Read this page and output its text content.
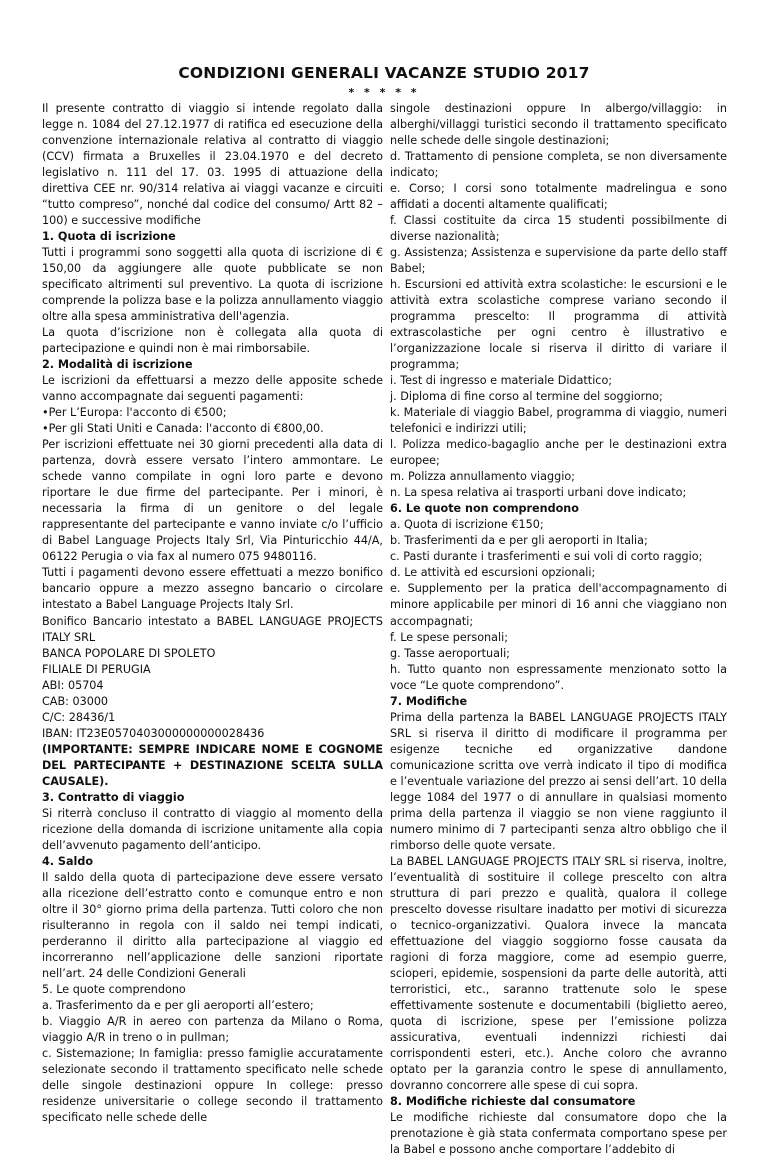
CONDIZIONI GENERALI VACANZE STUDIO 2017
* * * * *

Il presente contratto di viaggio si intende regolato dalla legge n. 1084 del 27.12.1977 di ratifica ed esecuzione della convenzione internazionale relativa al contratto di viaggio (CCV) firmata a Bruxelles il 23.04.1970 e del decreto legislativo n. 111 del 17. 03. 1995 di attuazione della direttiva CEE nr. 90/314 relativa ai viaggi vacanze e circuiti “tutto compreso”, nonché dal codice del consumo/ Artt 82 – 100) e successive modifiche

1. Quota di iscrizione

Tutti i programmi sono soggetti alla quota di iscrizione di € 150,00 da aggiungere alle quote pubblicate se non specificato altrimenti sul preventivo. La quota di iscrizione comprende la polizza base e la polizza annullamento viaggio oltre alla spesa amministrativa dell'agenzia.

La quota d’iscrizione non è collegata alla quota di partecipazione e quindi non è mai rimborsabile.

2. Modalità di iscrizione

Le iscrizioni da effettuarsi a mezzo delle apposite schede vanno accompagnate dai seguenti pagamenti:

•Per L’Europa: l'acconto di €500;

•Per gli Stati Uniti e Canada: l'acconto di €800,00.

Per iscrizioni effettuate nei 30 giorni precedenti alla data di partenza, dovrà essere versato l’intero ammontare. Le schede vanno compilate in ogni loro parte e devono riportare le due firme del partecipante. Per i minori, è necessaria la firma di un genitore o del legale rappresentante del partecipante e vanno inviate c/o l’ufficio di Babel Language Projects Italy Srl, Via Pinturicchio 44/A, 06122 Perugia o via fax al numero 075 9480116.

Tutti i pagamenti devono essere effettuati a mezzo bonifico bancario oppure a mezzo assegno bancario o circolare intestato a Babel Language Projects Italy Srl.

Bonifico Bancario intestato a BABEL LANGUAGE PROJECTS ITALY SRL

BANCA POPOLARE DI SPOLETO

FILIALE DI PERUGIA

ABI: 05704

CAB: 03000

C/C: 28436/1

IBAN: IT23E0570403000000000028436

(IMPORTANTE: SEMPRE INDICARE NOME E COGNOME DEL PARTECIPANTE + DESTINAZIONE SCELTA SULLA CAUSALE).

3. Contratto di viaggio

Si riterrà concluso il contratto di viaggio al momento della ricezione della domanda di iscrizione unitamente alla copia dell’avvenuto pagamento dell’anticipo.

4. Saldo

Il saldo della quota di partecipazione deve essere versato alla ricezione dell’estratto conto e comunque entro e non oltre il 30° giorno prima della partenza. Tutti coloro che non risulteranno in regola con il saldo nei tempi indicati, perderanno il diritto alla partecipazione al viaggio ed incorreranno nell’applicazione delle sanzioni riportate nell’art. 24 delle Condizioni Generali

5. Le quote comprendono

a. Trasferimento da e per gli aeroporti all’estero;

b. Viaggio A/R in aereo con partenza da Milano o Roma, viaggio A/R in treno o in pullman;

c. Sistemazione; In famiglia: presso famiglie accuratamente selezionate secondo il trattamento specificato nelle schede delle singole destinazioni oppure In college: presso residenze universitarie o college secondo il trattamento specificato nelle schede delle

singole destinazioni oppure In albergo/villaggio: in alberghi/villaggi turistici secondo il trattamento specificato nelle schede delle singole destinazioni;

d. Trattamento di pensione completa, se non diversamente indicato;

e. Corso; I corsi sono totalmente madrelingua e sono affidati a docenti altamente qualificati;

f. Classi costituite da circa 15 studenti possibilmente di diverse nazionalità;

g. Assistenza; Assistenza e supervisione da parte dello staff Babel;

h. Escursioni ed attività extra scolastiche: le escursioni e le attività extra scolastiche comprese variano secondo il programma prescelto: Il programma di attività extrascolastiche per ogni centro è illustrativo e l’organizzazione locale si riserva il diritto di variare il programma;

i. Test di ingresso e materiale Didattico;

j. Diploma di fine corso al termine del soggiorno;

k. Materiale di viaggio Babel, programma di viaggio, numeri telefonici e indirizzi utili;

l. Polizza medico-bagaglio anche per le destinazioni extra europee;

m. Polizza annullamento viaggio;

n. La spesa relativa ai trasporti urbani dove indicato;

6. Le quote non comprendono

a. Quota di iscrizione €150;

b. Trasferimenti da e per gli aeroporti in Italia;

c. Pasti durante i trasferimenti e sui voli di corto raggio;

d. Le attività ed escursioni opzionali;

e. Supplemento per la pratica dell'accompagnamento di minore applicabile per minori di 16 anni che viaggiano non accompagnati;

f. Le spese personali;

g. Tasse aeroportuali;

h. Tutto quanto non espressamente menzionato sotto la voce “Le quote comprendono”.

7. Modifiche

Prima della partenza la BABEL LANGUAGE PROJECTS ITALY SRL si riserva il diritto di modificare il programma per esigenze tecniche ed organizzative dandone comunicazione scritta ove verrà indicato il tipo di modifica e l’eventuale variazione del prezzo ai sensi dell’art. 10 della legge 1084 del 1977 o di annullare in qualsiasi momento prima della partenza il viaggio se non viene raggiunto il numero minimo di 7 partecipanti senza altro obbligo che il rimborso delle quote versate.

La BABEL LANGUAGE PROJECTS ITALY SRL si riserva, inoltre, l’eventualità di sostituire il college prescelto con altra struttura di pari prezzo e qualità, qualora il college prescelto dovesse risultare inadatto per motivi di sicurezza o tecnico-organizzativi. Qualora invece la mancata effettuazione del viaggio soggiorno fosse causata da ragioni di forza maggiore, come ad esempio guerre, scioperi, epidemie, sospensioni da parte delle autorità, atti terroristici, etc., saranno trattenute solo le spese effettivamente sostenute e documentabili (biglietto aereo, quota di iscrizione, spese per l’emissione polizza assicurativa, eventuali indennizzi richiesti dai corrispondenti esteri, etc.). Anche coloro che avranno optato per la garanzia contro le spese di annullamento, dovranno concorrere alle spese di cui sopra.

8. Modifiche richieste dal consumatore

Le modifiche richieste dal consumatore dopo che la prenotazione è già stata confermata comportano spese per la Babel e possono anche comportare l’addebito di
